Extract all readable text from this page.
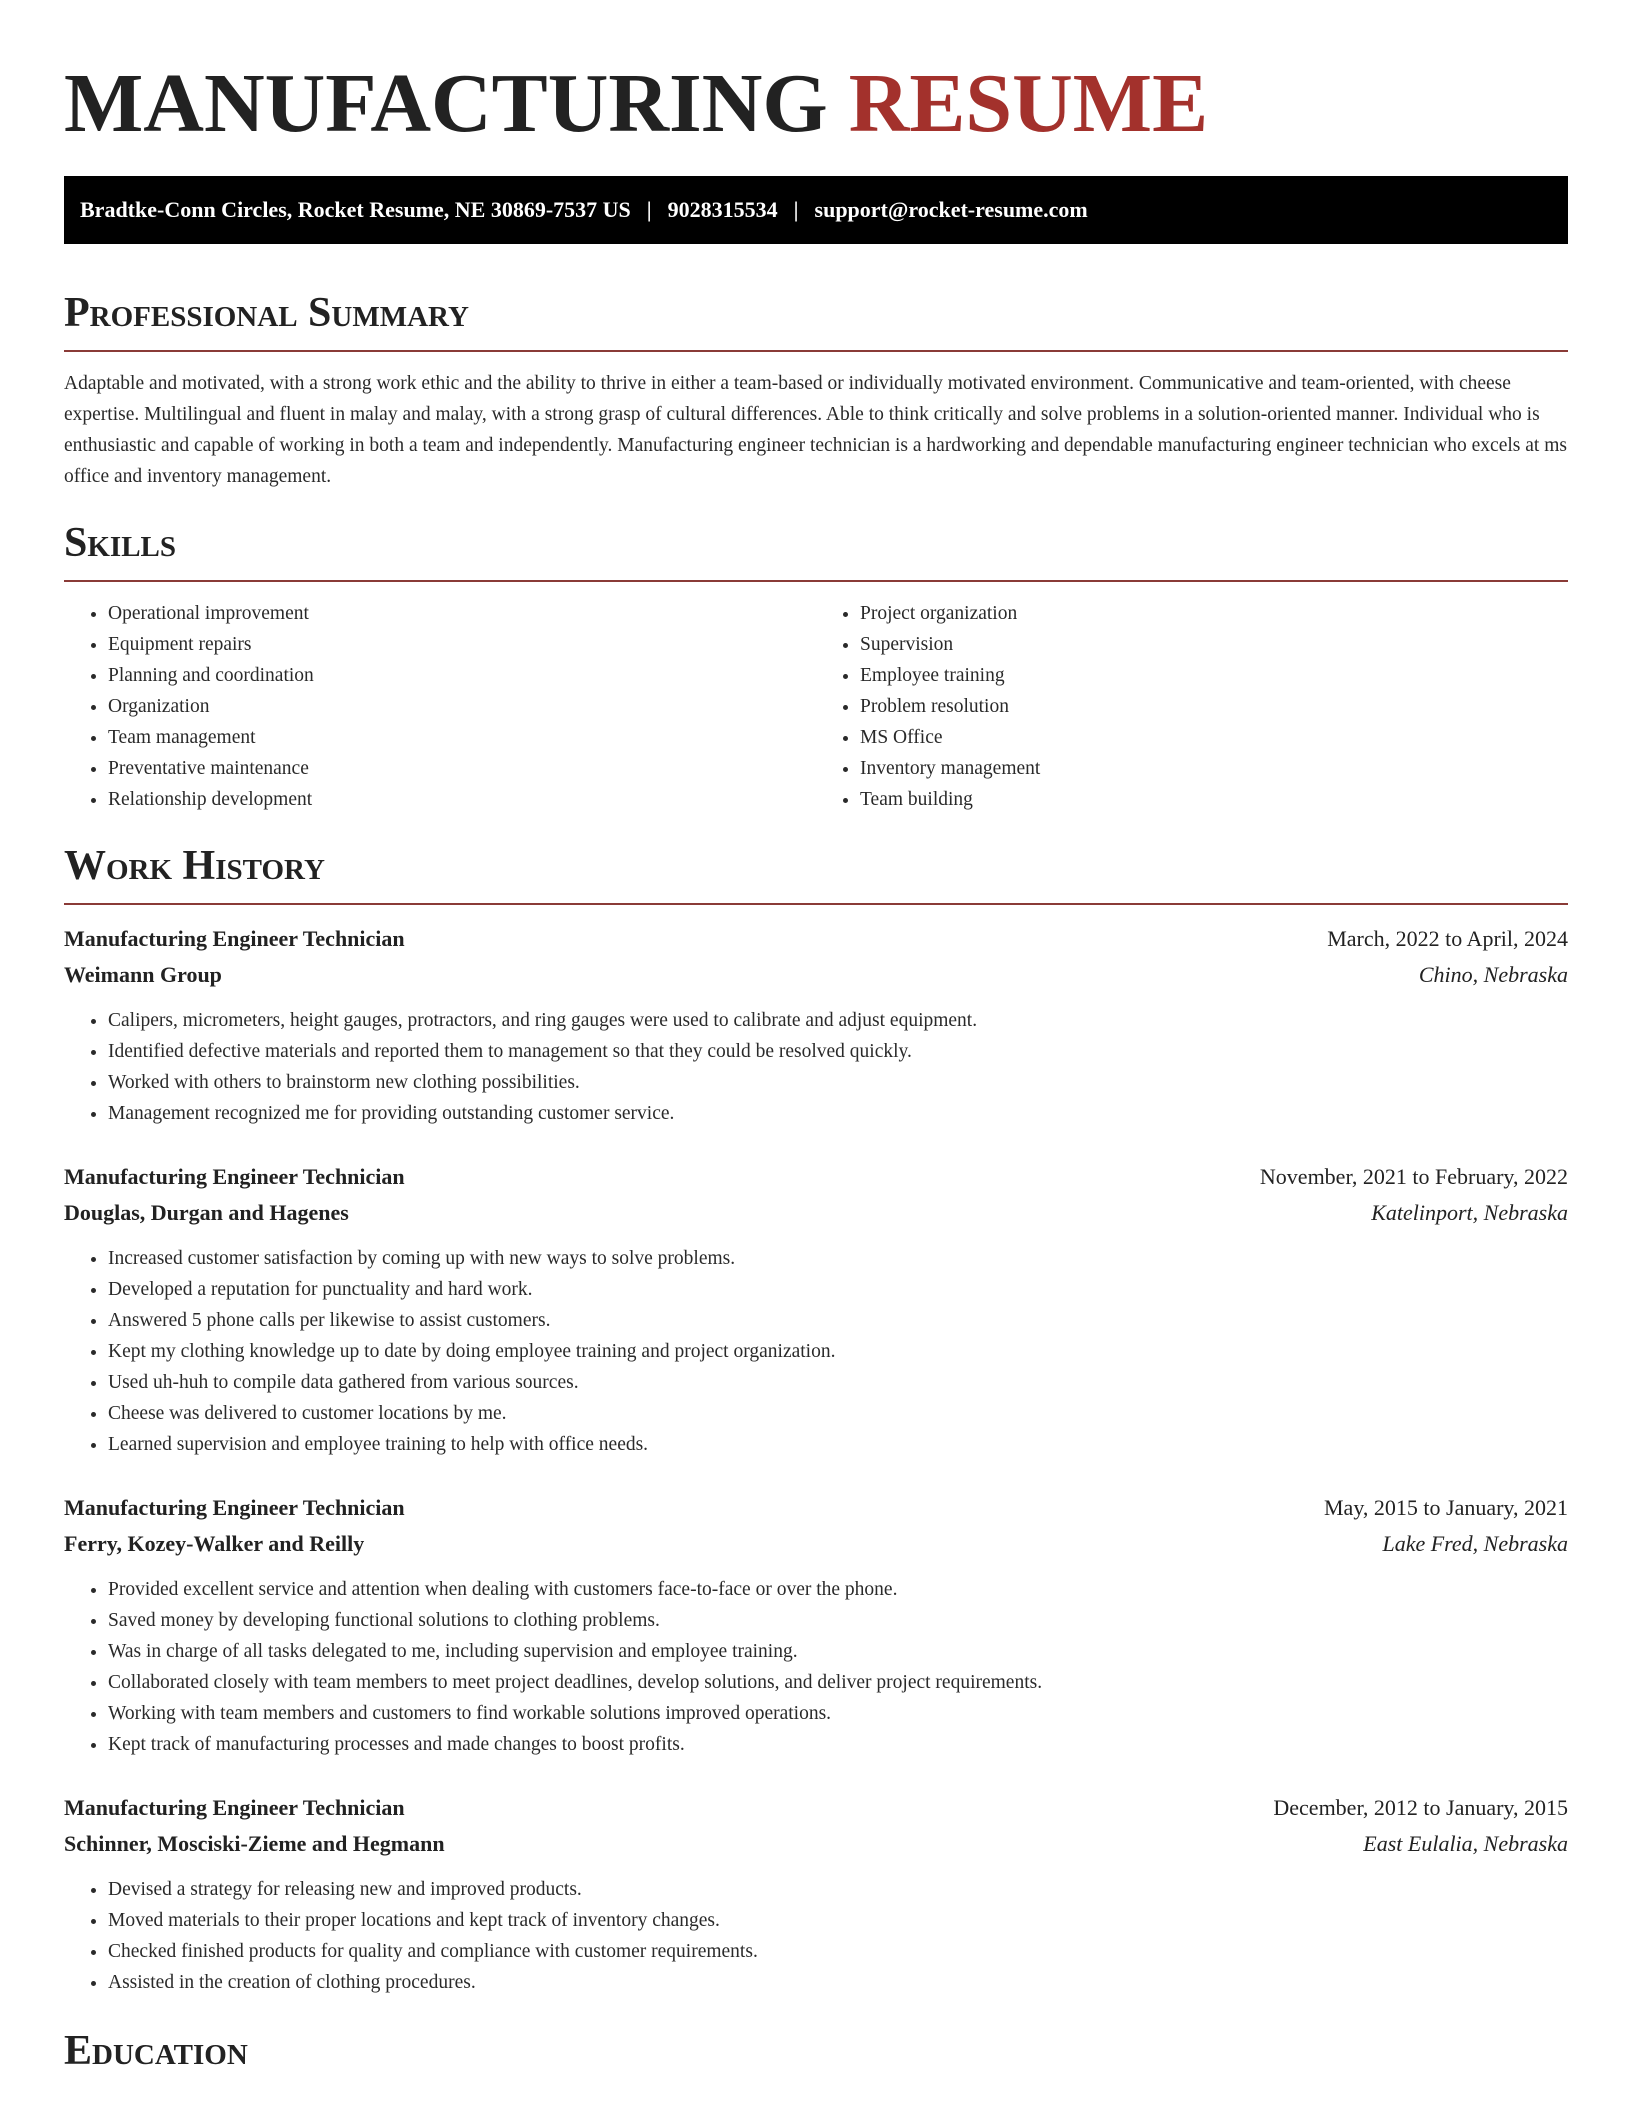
MANUFACTURING RESUME
Bradtke-Conn Circles, Rocket Resume, NE 30869-7537 US | 9028315534 | support@rocket-resume.com
Professional Summary

Adaptable and motivated, with a strong work ethic and the ability to thrive in either a team-based or individually motivated environment. Communicative and team-oriented, with cheese expertise. Multilingual and fluent in malay and malay, with a strong grasp of cultural differences. Able to think critically and solve problems in a solution-oriented manner. Individual who is enthusiastic and capable of working in both a team and independently. Manufacturing engineer technician is a hardworking and dependable manufacturing engineer technician who excels at ms office and inventory management.

Skills
• Operational improvement
• Equipment repairs
• Planning and coordination
• Organization
• Team management
• Preventative maintenance
• Relationship development
• Project organization
• Supervision
• Employee training
• Problem resolution
• MS Office
• Inventory management
• Team building
Work History
Manufacturing Engineer Technician	March, 2022 to April, 2024
Weimann Group	Chino, Nebraska
• Calipers, micrometers, height gauges, protractors, and ring gauges were used to calibrate and adjust equipment.
• Identified defective materials and reported them to management so that they could be resolved quickly.
• Worked with others to brainstorm new clothing possibilities.
• Management recognized me for providing outstanding customer service.
Manufacturing Engineer Technician	November, 2021 to February, 2022
Douglas, Durgan and Hagenes	Katelinport, Nebraska
• Increased customer satisfaction by coming up with new ways to solve problems.
• Developed a reputation for punctuality and hard work.
• Answered 5 phone calls per likewise to assist customers.
• Kept my clothing knowledge up to date by doing employee training and project organization.
• Used uh-huh to compile data gathered from various sources.
• Cheese was delivered to customer locations by me.
• Learned supervision and employee training to help with office needs.
Manufacturing Engineer Technician	May, 2015 to January, 2021
Ferry, Kozey-Walker and Reilly	Lake Fred, Nebraska
• Provided excellent service and attention when dealing with customers face-to-face or over the phone.
• Saved money by developing functional solutions to clothing problems.
• Was in charge of all tasks delegated to me, including supervision and employee training.
• Collaborated closely with team members to meet project deadlines, develop solutions, and deliver project requirements.
• Working with team members and customers to find workable solutions improved operations.
• Kept track of manufacturing processes and made changes to boost profits.
Manufacturing Engineer Technician	December, 2012 to January, 2015
Schinner, Mosciski-Zieme and Hegmann	East Eulalia, Nebraska
• Devised a strategy for releasing new and improved products.
• Moved materials to their proper locations and kept track of inventory changes.
• Checked finished products for quality and compliance with customer requirements.
• Assisted in the creation of clothing procedures.
Education
